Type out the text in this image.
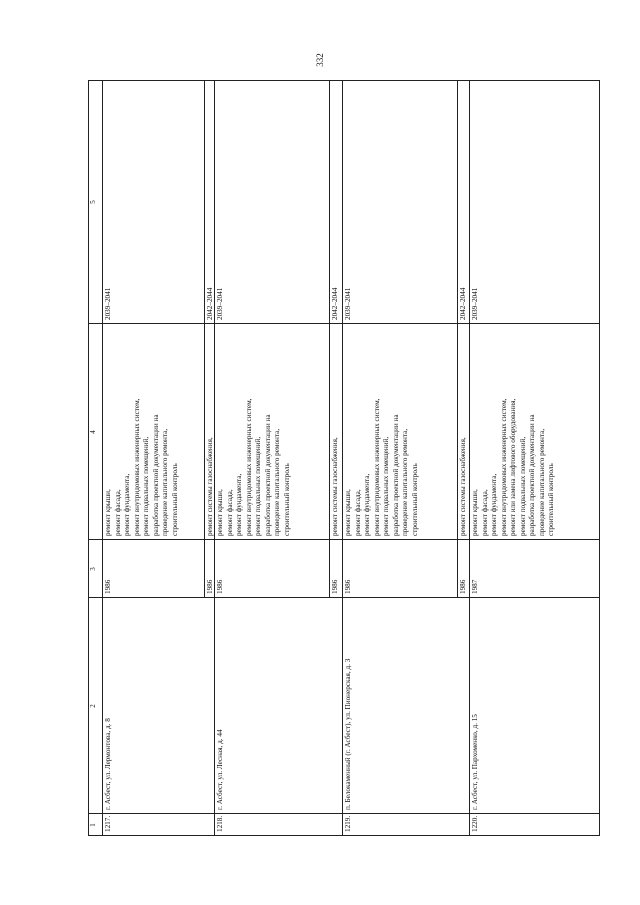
332
1
2
3
4
5
1217.
г. Асбест, ул. Лермонтова, д. 8
1986
ремонт крыши, ремонт фасада, ремонт фундамента, ремонт внутридомовых инженерных систем, ремонт подвальных помещений, разработка проектной документации на проведение капитального ремонта, строительный контроль
2039–2041
1986
ремонт системы газоснабжения,
2042–2044
1218.
г. Асбест, ул. Лесная, д. 44
1986
ремонт крыши, ремонт фасада, ремонт фундамента, ремонт внутридомовых инженерных систем, ремонт подвальных помещений, разработка проектной документации на проведение капитального ремонта, строительный контроль
2039–2041
1986
ремонт системы газоснабжения,
2042–2044
1219.
п. Белокаменный (г. Асбест), ул. Пионерская, д. 3
1986
ремонт крыши, ремонт фасада, ремонт фундамента, ремонт внутридомовых инженерных систем, ремонт подвальных помещений, разработка проектной документации на проведение капитального ремонта, строительный контроль
2039–2041
1986
ремонт системы газоснабжения,
2042–2044
1220.
г. Асбест, ул. Пархоменко, д. 15
1987
ремонт крыши, ремонт фасада, ремонт фундамента, ремонт внутридомовых инженерных систем, ремонт или замена лифтового оборудования, ремонт подвальных помещений, разработка проектной документации на проведение капитального ремонта, строительный контроль
2039–2041
